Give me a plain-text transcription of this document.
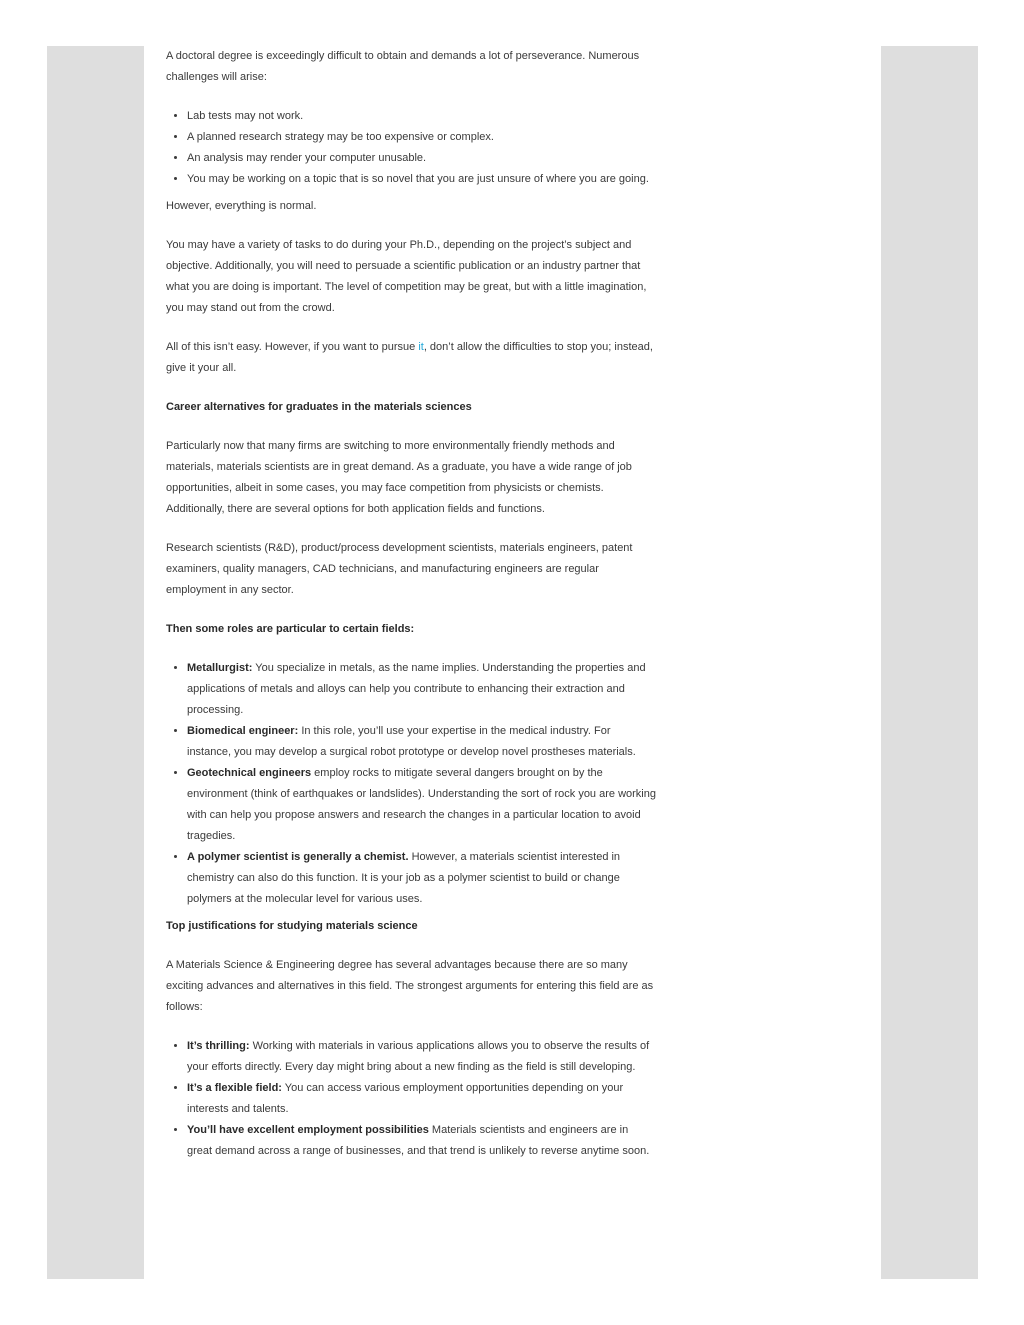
A doctoral degree is exceedingly difficult to obtain and demands a lot of perseverance. Numerous challenges will arise:

• Lab tests may not work.
• A planned research strategy may be too expensive or complex.
• An analysis may render your computer unusable.
• You may be working on a topic that is so novel that you are just unsure of where you are going.

However, everything is normal.

You may have a variety of tasks to do during your Ph.D., depending on the project’s subject and objective. Additionally, you will need to persuade a scientific publication or an industry partner that what you are doing is important. The level of competition may be great, but with a little imagination, you may stand out from the crowd.

All of this isn’t easy. However, if you want to pursue it, don’t allow the difficulties to stop you; instead, give it your all.

Career alternatives for graduates in the materials sciences

Particularly now that many firms are switching to more environmentally friendly methods and materials, materials scientists are in great demand. As a graduate, you have a wide range of job opportunities, albeit in some cases, you may face competition from physicists or chemists. Additionally, there are several options for both application fields and functions.

Research scientists (R&D), product/process development scientists, materials engineers, patent examiners, quality managers, CAD technicians, and manufacturing engineers are regular employment in any sector.

Then some roles are particular to certain fields:

• Metallurgist: You specialize in metals, as the name implies. Understanding the properties and applications of metals and alloys can help you contribute to enhancing their extraction and processing.
• Biomedical engineer: In this role, you’ll use your expertise in the medical industry. For instance, you may develop a surgical robot prototype or develop novel prostheses materials.
• Geotechnical engineers employ rocks to mitigate several dangers brought on by the environment (think of earthquakes or landslides). Understanding the sort of rock you are working with can help you propose answers and research the changes in a particular location to avoid tragedies.
• A polymer scientist is generally a chemist. However, a materials scientist interested in chemistry can also do this function. It is your job as a polymer scientist to build or change polymers at the molecular level for various uses.

Top justifications for studying materials science

A Materials Science & Engineering degree has several advantages because there are so many exciting advances and alternatives in this field. The strongest arguments for entering this field are as follows:

• It’s thrilling: Working with materials in various applications allows you to observe the results of your efforts directly. Every day might bring about a new finding as the field is still developing.
• It’s a flexible field: You can access various employment opportunities depending on your interests and talents.
• You’ll have excellent employment possibilities Materials scientists and engineers are in great demand across a range of businesses, and that trend is unlikely to reverse anytime soon.
